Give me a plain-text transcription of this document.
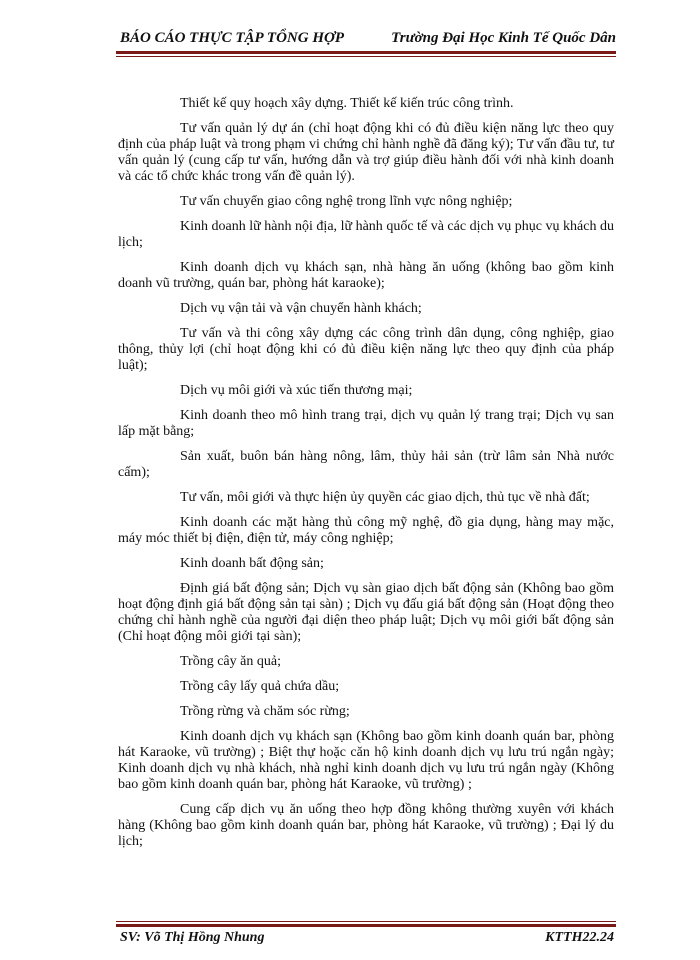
BÁO CÁO THỰC TẬP TỔNG HỢP	Trường Đại Học Kinh Tế Quốc Dân

Thiết kế quy hoạch xây dựng. Thiết kế kiến trúc công trình.

Tư vấn quản lý dự án (chỉ hoạt động khi có đủ điều kiện năng lực theo quy định của pháp luật và trong phạm vi chứng chỉ hành nghề đã đăng ký); Tư vấn đầu tư, tư vấn quản lý (cung cấp tư vấn, hướng dẫn và trợ giúp điều hành đối với nhà kinh doanh và các tổ chức khác trong vấn đề quản lý).

Tư vấn chuyển giao công nghệ trong lĩnh vực nông nghiệp;

Kinh doanh lữ hành nội địa, lữ hành quốc tế và các dịch vụ phục vụ khách du lịch;

Kinh doanh dịch vụ khách sạn, nhà hàng ăn uống (không bao gồm kinh doanh vũ trường, quán bar, phòng hát karaoke);

Dịch vụ vận tải và vận chuyển hành khách;

Tư vấn và thi công xây dựng các công trình dân dụng, công nghiệp, giao thông, thủy lợi (chỉ hoạt động khi có đủ điều kiện năng lực theo quy định của pháp luật);

Dịch vụ môi giới và xúc tiến thương mại;

Kinh doanh theo mô hình trang trại, dịch vụ quản lý trang trại; Dịch vụ san lấp mặt bằng;

Sản xuất, buôn bán hàng nông, lâm, thủy hải sản (trừ lâm sản Nhà nước cấm);

Tư vấn, môi giới và thực hiện ủy quyền các giao dịch, thủ tục về nhà đất;

Kinh doanh các mặt hàng thủ công mỹ nghệ, đồ gia dụng, hàng may mặc, máy móc thiết bị điện, điện tử, máy công nghiệp;

Kinh doanh bất động sản;

Định giá bất động sản; Dịch vụ sàn giao dịch bất động sản (Không bao gồm hoạt động định giá bất động sản tại sàn) ; Dịch vụ đấu giá bất động sản (Hoạt động theo chứng chỉ hành nghề của người đại diện theo pháp luật; Dịch vụ môi giới bất động sản (Chỉ hoạt động môi giới tại sàn);

Trồng cây ăn quả;

Trồng cây lấy quả chứa dầu;

Trồng rừng và chăm sóc rừng;

Kinh doanh dịch vụ khách sạn (Không bao gồm kinh doanh quán bar, phòng hát Karaoke, vũ trường) ; Biệt thự hoặc căn hộ kinh doanh dịch vụ lưu trú ngắn ngày; Kinh doanh dịch vụ nhà khách, nhà nghỉ kinh doanh dịch vụ lưu trú ngắn ngày (Không bao gồm kinh doanh quán bar, phòng hát Karaoke, vũ trường) ;

Cung cấp dịch vụ ăn uống theo hợp đồng không thường xuyên với khách hàng (Không bao gồm kinh doanh quán bar, phòng hát Karaoke, vũ trường) ; Đại lý du lịch;

SV: Võ Thị Hồng Nhung	KTTH22.24
